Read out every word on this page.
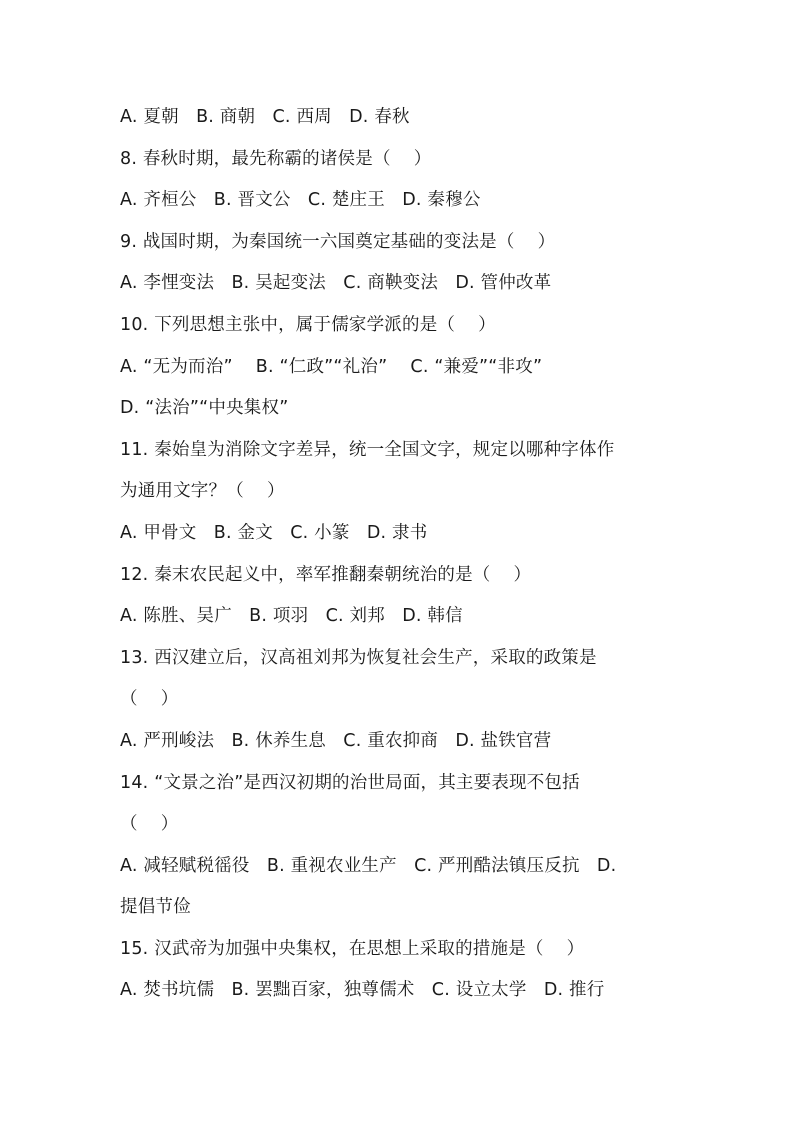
A. 夏朝   B. 商朝   C. 西周   D. 春秋
8. 春秋时期，最先称霸的诸侯是（    ）
A. 齐桓公   B. 晋文公   C. 楚庄王   D. 秦穆公
9. 战国时期，为秦国统一六国奠定基础的变法是（    ）
A. 李悝变法   B. 吴起变法   C. 商鞅变法   D. 管仲改革
10. 下列思想主张中，属于儒家学派的是（    ）
A. “无为而治”    B. “仁政”“礼治”    C. “兼爱”“非攻”
D. “法治”“中央集权”
11. 秦始皇为消除文字差异，统一全国文字，规定以哪种字体作
为通用文字？（    ）
A. 甲骨文   B. 金文   C. 小篆   D. 隶书
12. 秦末农民起义中，率军推翻秦朝统治的是（    ）
A. 陈胜、吴广   B. 项羽   C. 刘邦   D. 韩信
13. 西汉建立后，汉高祖刘邦为恢复社会生产，采取的政策是
（    ）
A. 严刑峻法   B. 休养生息   C. 重农抑商   D. 盐铁官营
14. “文景之治”是西汉初期的治世局面，其主要表现不包括
（    ）
A. 减轻赋税徭役   B. 重视农业生产   C. 严刑酷法镇压反抗   D.
提倡节俭
15. 汉武帝为加强中央集权，在思想上采取的措施是（    ）
A. 焚书坑儒   B. 罢黜百家，独尊儒术   C. 设立太学   D. 推行
